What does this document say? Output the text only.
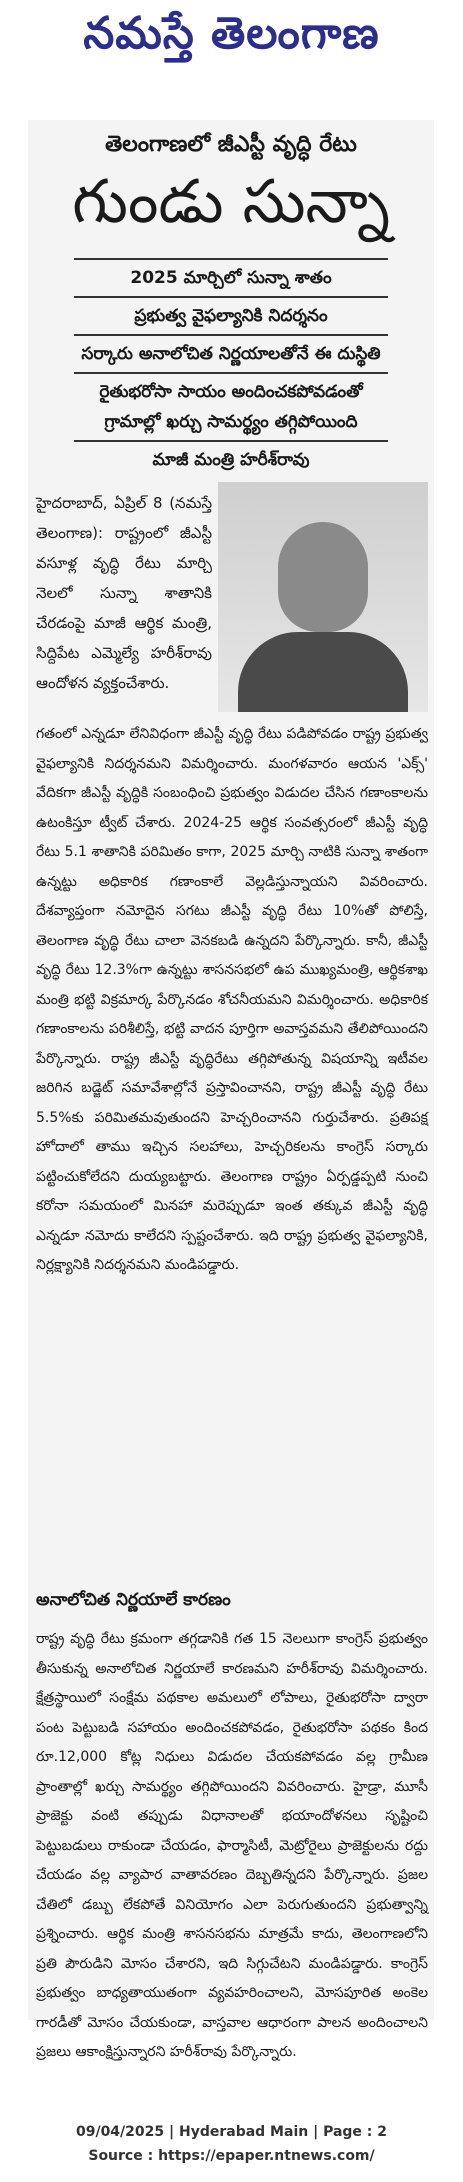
నమస్తే తెలంగాణ
తెలంగాణలో జీఎస్టీ వృద్ధి రేటు
గుండు సున్నా
2025 మార్చిలో సున్నా శాతం
ప్రభుత్వ వైఫల్యానికి నిదర్శనం
సర్కారు అనాలోచిత నిర్ణయాలతోనే ఈ దుస్థితి
రైతుభరోసా సాయం అందించకపోవడంతో
గ్రామాల్లో ఖర్చు సామర్థ్యం తగ్గిపోయింది
మాజీ మంత్రి హరీశ్‌రావు
హైదరాబాద్, ఏప్రిల్ 8 (నమస్తే తెలంగాణ): రాష్ట్రంలో జీఎస్టీ వసూళ్ల వృద్ధి రేటు మార్చి నెలలో సున్నా శాతానికి చేరడంపై మాజీ ఆర్థిక మంత్రి, సిద్దిపేట ఎమ్మెల్యే హరీశ్‌రావు ఆందోళన వ్యక్తంచేశారు.

గతంలో ఎన్నడూ లేనివిధంగా జీఎస్టీ వృద్ధి రేటు పడిపోవడం రాష్ట్ర ప్రభుత్వ వైఫల్యానికి నిదర్శనమని విమర్శించారు. మంగళవారం ఆయన 'ఎక్స్' వేదికగా జీఎస్టీ వృద్ధికి సంబంధించి ప్రభుత్వం విడుదల చేసిన గణాంకాలను ఉటంకిస్తూ ట్వీట్ చేశారు. 2024-25 ఆర్థిక సంవత్సరంలో జీఎస్టీ వృద్ధి రేటు 5.1 శాతానికి పరిమితం కాగా, 2025 మార్చి నాటికి సున్నా శాతంగా ఉన్నట్టు అధికారిక గణాంకాలే వెల్లడిస్తున్నాయని వివరించారు. దేశవ్యాప్తంగా నమోదైన సగటు జీఎస్టీ వృద్ధి రేటు 10%తో పోలిస్తే, తెలంగాణ వృద్ధి రేటు చాలా వెనకబడి ఉన్నదని పేర్కొన్నారు. కానీ, జీఎస్టీ వృద్ధి రేటు 12.3%గా ఉన్నట్టు శాసనసభలో ఉప ముఖ్యమంత్రి, ఆర్థికశాఖ మంత్రి భట్టి విక్రమార్క పేర్కొనడం శోచనీయమని విమర్శించారు. అధికారిక గణాంకాలను పరిశీలిస్తే, భట్టి వాదన పూర్తిగా అవాస్తవమని తేలిపోయిందని పేర్కొన్నారు. రాష్ట్ర జీఎస్టీ వృద్ధిరేటు తగ్గిపోతున్న విషయాన్ని ఇటీవల జరిగిన బడ్జెట్ సమావేశాల్లోనే ప్రస్తావించానని, రాష్ట్ర జీఎస్టీ వృద్ధి రేటు 5.5%కు పరిమితమవుతుందని హెచ్చరించానని గుర్తుచేశారు. ప్రతిపక్ష హోదాలో తాము ఇచ్చిన సలహాలు, హెచ్చరికలను కాంగ్రెస్ సర్కారు పట్టించుకోలేదని దుయ్యబట్టారు. తెలంగాణ రాష్ట్రం ఏర్పడ్డప్పటి నుంచి కరోనా సమయంలో మినహా మరెప్పుడూ ఇంత తక్కువ జీఎస్టీ వృద్ధి ఎన్నడూ నమోదు కాలేదని స్పష్టంచేశారు. ఇది రాష్ట్ర ప్రభుత్వ వైఫల్యానికి, నిర్లక్ష్యానికి నిదర్శనమని మండిపడ్డారు.

అనాలోచిత నిర్ణయాలే కారణం

రాష్ట్ర వృద్ధి రేటు క్రమంగా తగ్గడానికి గత 15 నెలలుగా కాంగ్రెస్ ప్రభుత్వం తీసుకున్న అనాలోచిత నిర్ణయాలే కారణమని హరీశ్‌రావు విమర్శించారు. క్షేత్రస్థాయిలో సంక్షేమ పథకాల అమలులో లోపాలు, రైతుభరోసా ద్వారా పంట పెట్టుబడి సహాయం అందించకపోవడం, రైతుభరోసా పథకం కింద రూ.12,000 కోట్ల నిధులు విడుదల చేయకపోవడం వల్ల గ్రామీణ ప్రాంతాల్లో ఖర్చు సామర్థ్యం తగ్గిపోయిందని వివరించారు. హైడ్రా, మూసీ ప్రాజెక్టు వంటి తప్పుడు విధానాలతో భయాందోళనలు సృష్టించి పెట్టుబడులు రాకుండా చేయడం, ఫార్మాసిటీ, మెట్రోరైలు ప్రాజెక్టులను రద్దు చేయడం వల్ల వ్యాపార వాతావరణం దెబ్బతిన్నదని పేర్కొన్నారు. ప్రజల చేతిలో డబ్బు లేకపోతే వినియోగం ఎలా పెరుగుతుందని ప్రభుత్వాన్ని ప్రశ్నించారు. ఆర్థిక మంత్రి శాసనసభను మాత్రమే కాదు, తెలంగాణలోని ప్రతి పౌరుడిని మోసం చేశారని, ఇది సిగ్గుచేటని మండిపడ్డారు. కాంగ్రెస్ ప్రభుత్వం బాధ్యతాయుతంగా వ్యవహరించాలని, మోసపూరిత అంకెల గారడీతో మోసం చేయకుండా, వాస్తవాల ఆధారంగా పాలన అందించాలని ప్రజలు ఆకాంక్షిస్తున్నారని హరీశ్‌రావు పేర్కొన్నారు.

09/04/2025 | Hyderabad Main | Page : 2
Source : https://epaper.ntnews.com/
